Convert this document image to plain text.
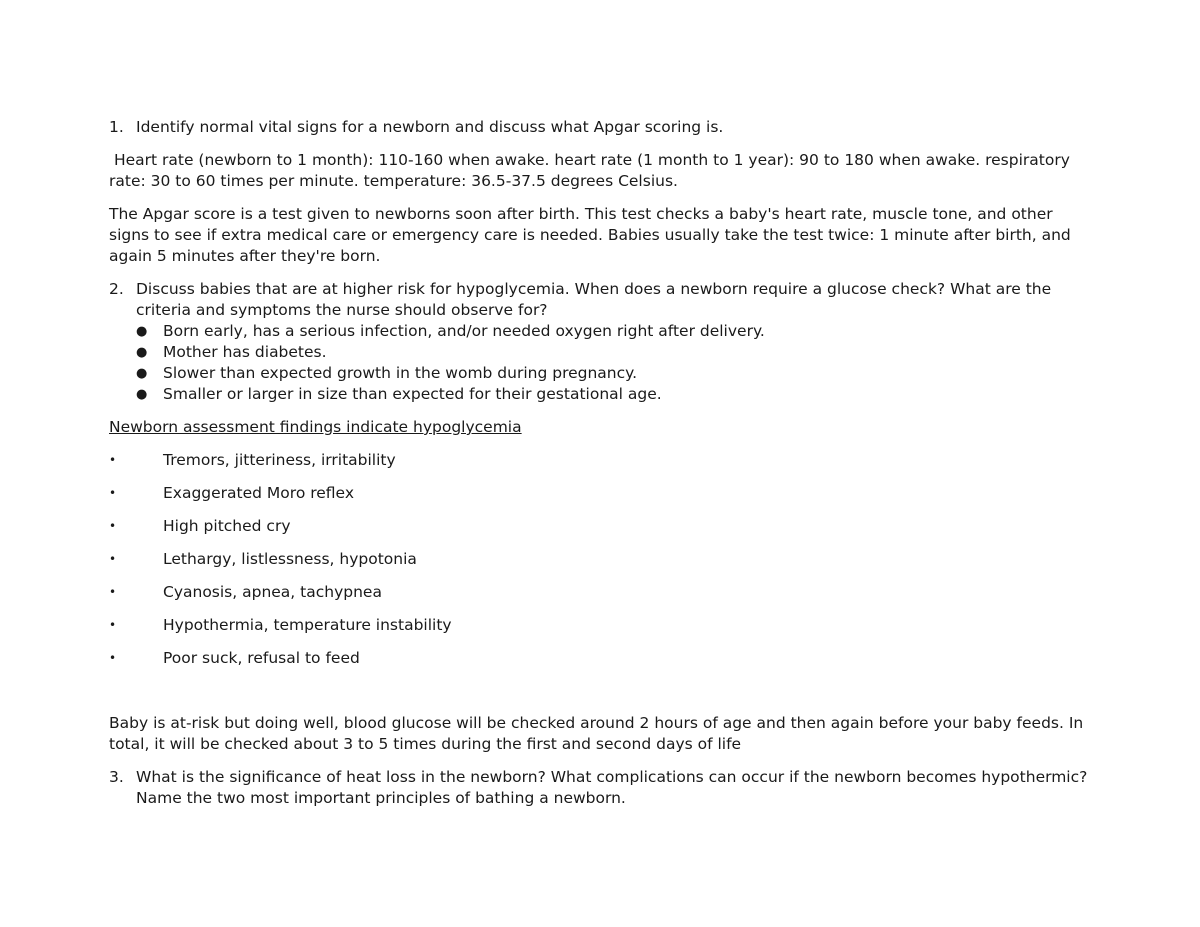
1. Identify normal vital signs for a newborn and discuss what Apgar scoring is.

Heart rate (newborn to 1 month): 110-160 when awake. heart rate (1 month to 1 year): 90 to 180 when awake. respiratory rate: 30 to 60 times per minute. temperature: 36.5-37.5 degrees Celsius.

The Apgar score is a test given to newborns soon after birth. This test checks a baby's heart rate, muscle tone, and other signs to see if extra medical care or emergency care is needed. Babies usually take the test twice: 1 minute after birth, and again 5 minutes after they're born.

2. Discuss babies that are at higher risk for hypoglycemia. When does a newborn require a glucose check? What are the criteria and symptoms the nurse should observe for?

● Born early, has a serious infection, and/or needed oxygen right after delivery.
● Mother has diabetes.
● Slower than expected growth in the womb during pregnancy.
● Smaller or larger in size than expected for their gestational age.

Newborn assessment findings indicate hypoglycemia

•	Tremors, jitteriness, irritability
•	Exaggerated Moro reflex
•	High pitched cry
•	Lethargy, listlessness, hypotonia
•	Cyanosis, apnea, tachypnea
•	Hypothermia, temperature instability
•	Poor suck, refusal to feed

Baby is at-risk but doing well, blood glucose will be checked around 2 hours of age and then again before your baby feeds. In total, it will be checked about 3 to 5 times during the first and second days of life

3. What is the significance of heat loss in the newborn? What complications can occur if the newborn becomes hypothermic? Name the two most important principles of bathing a newborn.
